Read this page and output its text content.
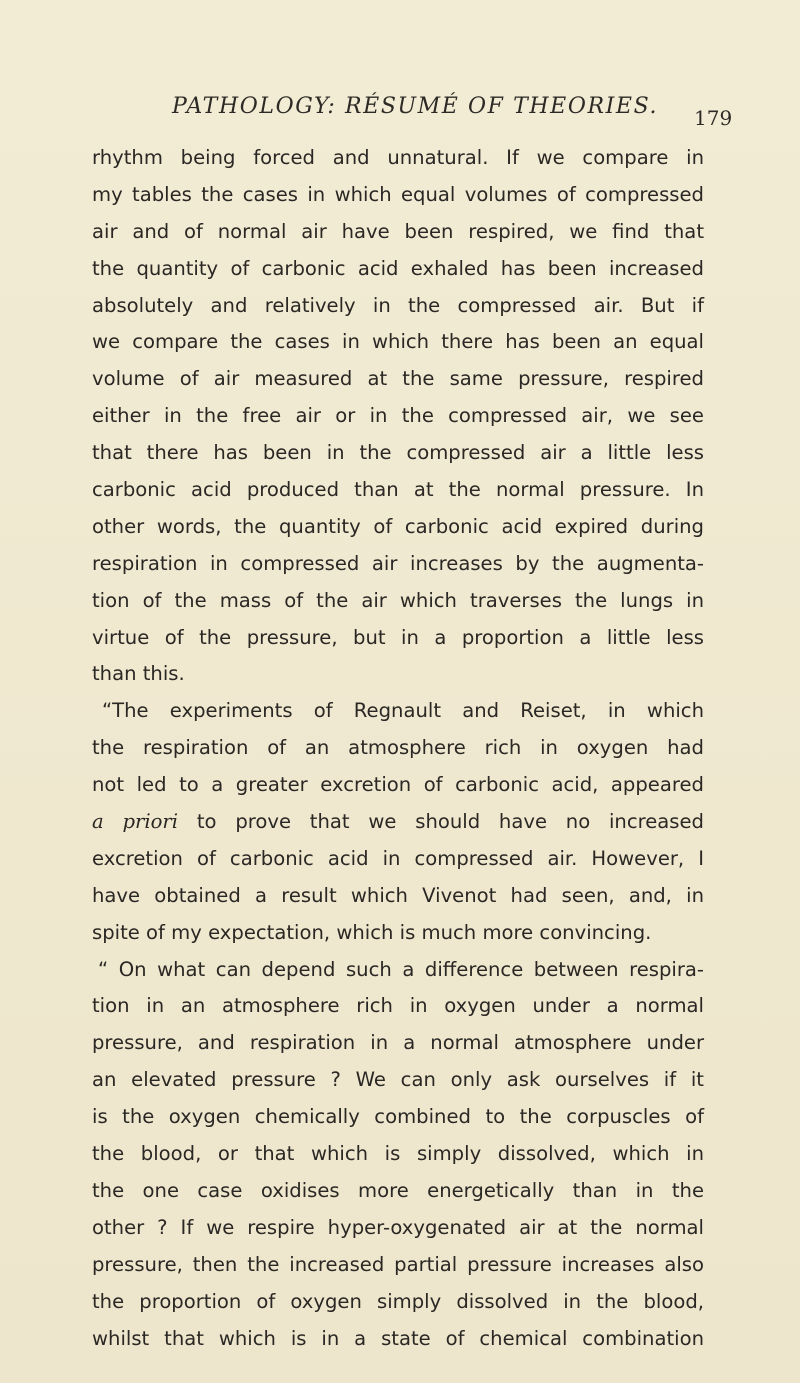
PATHOLOGY: RÉSUMÉ OF THEORIES. 179
rhythm being forced and unnatural. If we compare in
my tables the cases in which equal volumes of compressed
air and of normal air have been respired, we find that
the quantity of carbonic acid exhaled has been increased
absolutely and relatively in the compressed air. But if
we compare the cases in which there has been an equal
volume of air measured at the same pressure, respired
either in the free air or in the compressed air, we see
that there has been in the compressed air a little less
carbonic acid produced than at the normal pressure. In
other words, the quantity of carbonic acid expired during
respiration in compressed air increases by the augmenta-
tion of the mass of the air which traverses the lungs in
virtue of the pressure, but in a proportion a little less
than this.
“The experiments of Regnault and Reiset, in which
the respiration of an atmosphere rich in oxygen had
not led to a greater excretion of carbonic acid, appeared
a priori to prove that we should have no increased
excretion of carbonic acid in compressed air. However, I
have obtained a result which Vivenot had seen, and, in
spite of my expectation, which is much more convincing.
“ On what can depend such a difference between respira-
tion in an atmosphere rich in oxygen under a normal
pressure, and respiration in a normal atmosphere under
an elevated pressure ? We can only ask ourselves if it
is the oxygen chemically combined to the corpuscles of
the blood, or that which is simply dissolved, which in
the one case oxidises more energetically than in the
other ? If we respire hyper-oxygenated air at the normal
pressure, then the increased partial pressure increases also
the proportion of oxygen simply dissolved in the blood,
whilst that which is in a state of chemical combination
